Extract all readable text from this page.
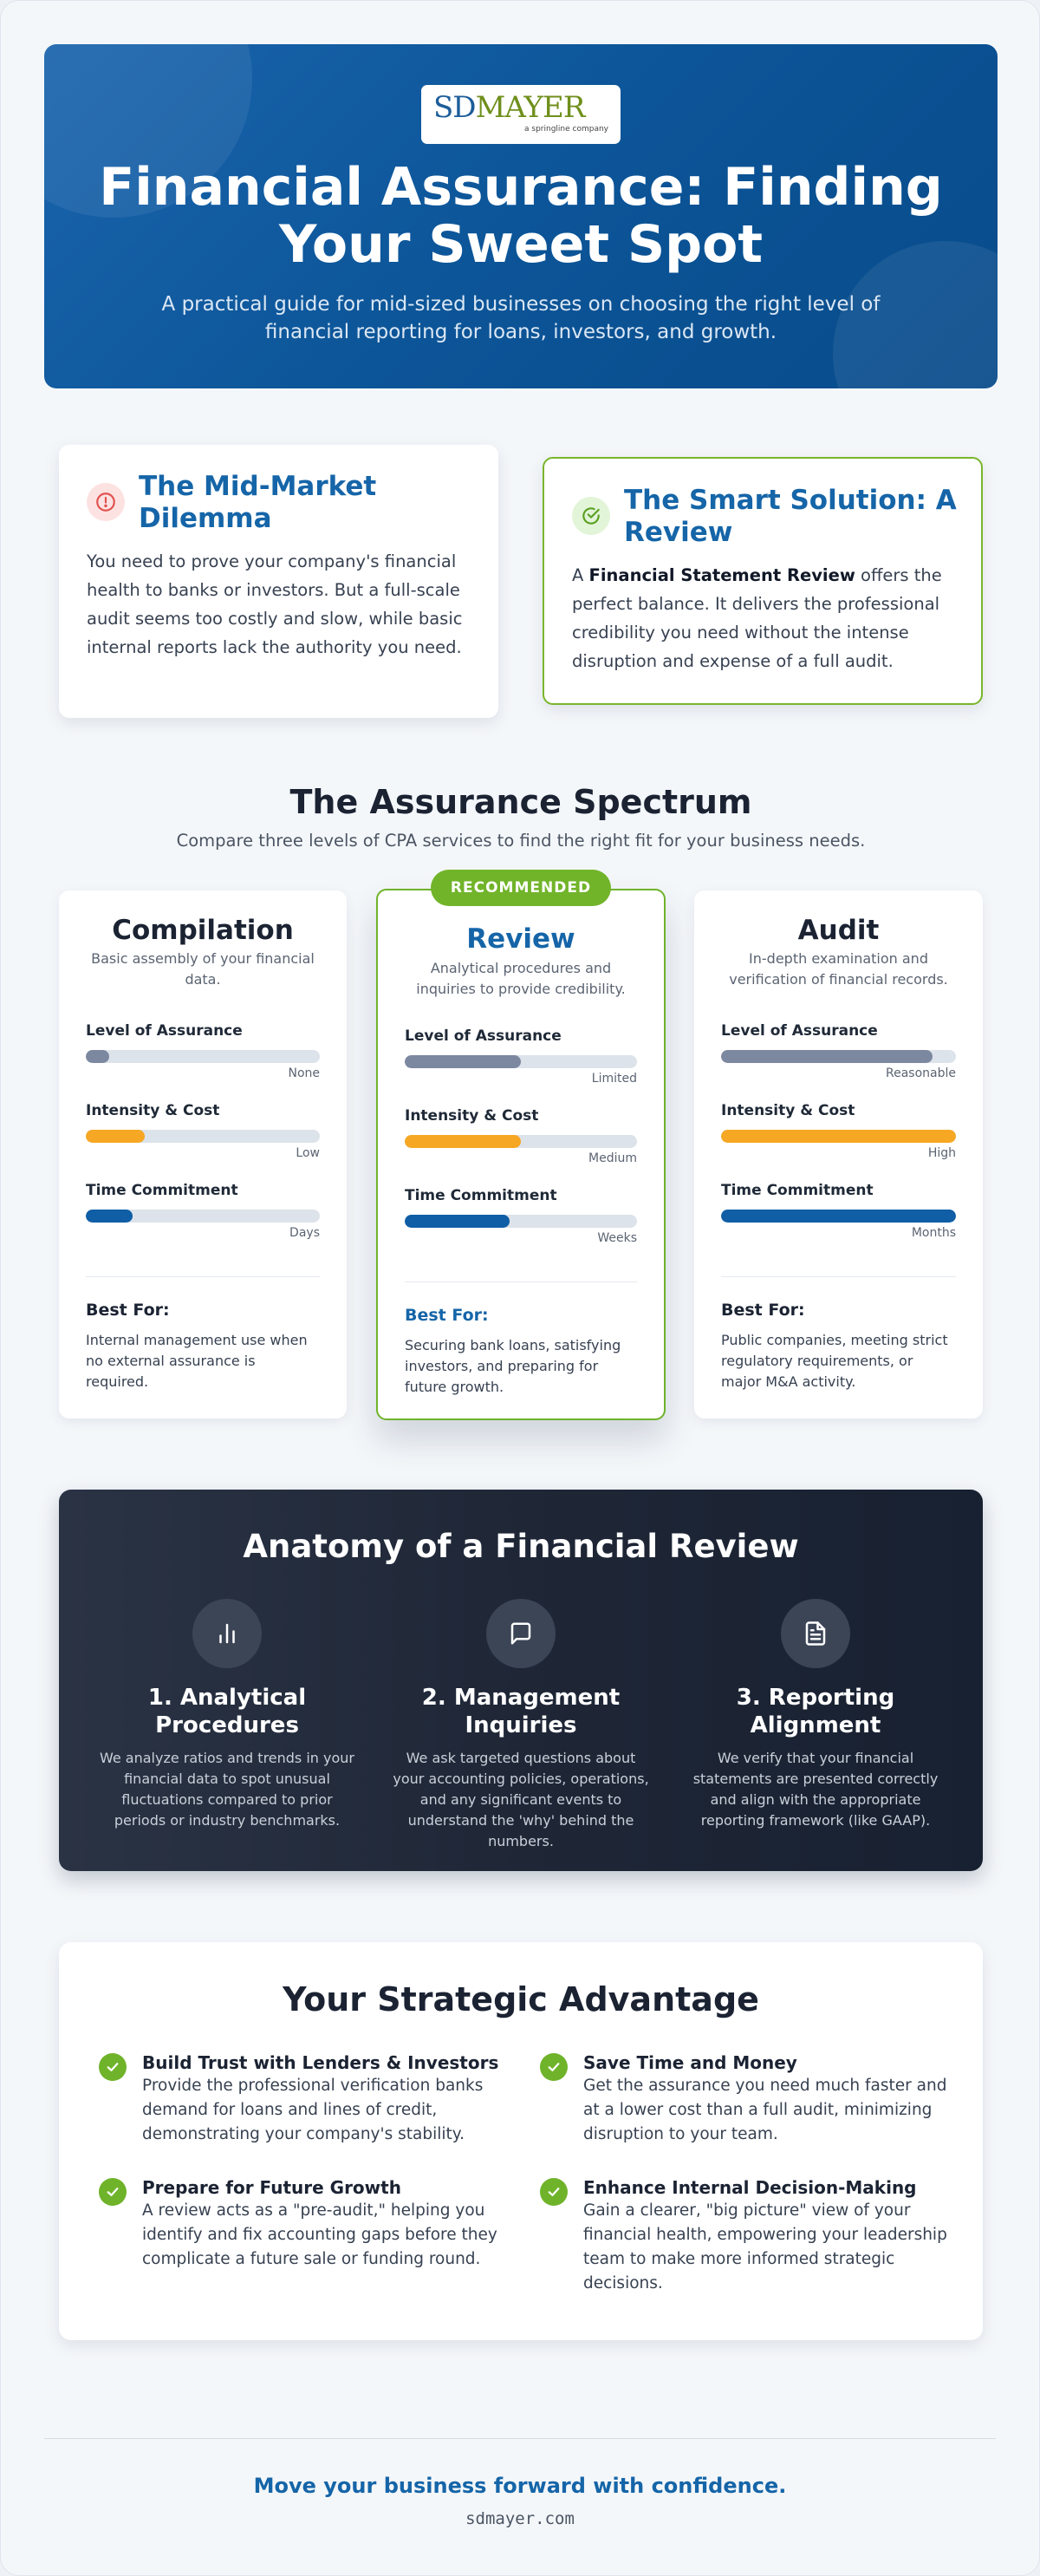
SDMAYER
a springline company
Financial Assurance: Finding Your Sweet Spot

A practical guide for mid-sized businesses on choosing the right level of financial reporting for loans, investors, and growth.

The Mid-Market Dilemma
You need to prove your company's financial health to banks or investors. But a full-scale audit seems too costly and slow, while basic internal reports lack the authority you need.
The Smart Solution: A Review
A Financial Statement Review offers the perfect balance. It delivers the professional credibility you need without the intense disruption and expense of a full audit.
The Assurance Spectrum
Compare three levels of CPA services to find the right fit for your business needs.
Compilation
Basic assembly of your financial data.
Level of Assurance
None
Intensity & Cost
Low
Time Commitment
Days
Best For:
Internal management use when no external assurance is required.
Review
Analytical procedures and inquiries to provide credibility.
Level of Assurance
Limited
Intensity & Cost
Medium
Time Commitment
Weeks
Best For:
Securing bank loans, satisfying investors, and preparing for future growth.
Audit
In-depth examination and verification of financial records.
Level of Assurance
Reasonable
Intensity & Cost
High
Time Commitment
Months
Best For:
Public companies, meeting strict regulatory requirements, or major M&A activity.
RECOMMENDED
Anatomy of a Financial Review
1. Analytical Procedures

We analyze ratios and trends in your financial data to spot unusual fluctuations compared to prior periods or industry benchmarks.

2. Management Inquiries

We ask targeted questions about your accounting policies, operations, and any significant events to understand the 'why' behind the numbers.

3. Reporting Alignment

We verify that your financial statements are presented correctly and align with the appropriate reporting framework (like GAAP).

Your Strategic Advantage
Build Trust with Lenders & Investors

Provide the professional verification banks demand for loans and lines of credit, demonstrating your company's stability.

Save Time and Money

Get the assurance you need much faster and at a lower cost than a full audit, minimizing disruption to your team.

Prepare for Future Growth

A review acts as a "pre-audit," helping you identify and fix accounting gaps before they complicate a future sale or funding round.

Enhance Internal Decision-Making

Gain a clearer, "big picture" view of your financial health, empowering your leadership team to make more informed strategic decisions.

Move your business forward with confidence.
sdmayer.com
